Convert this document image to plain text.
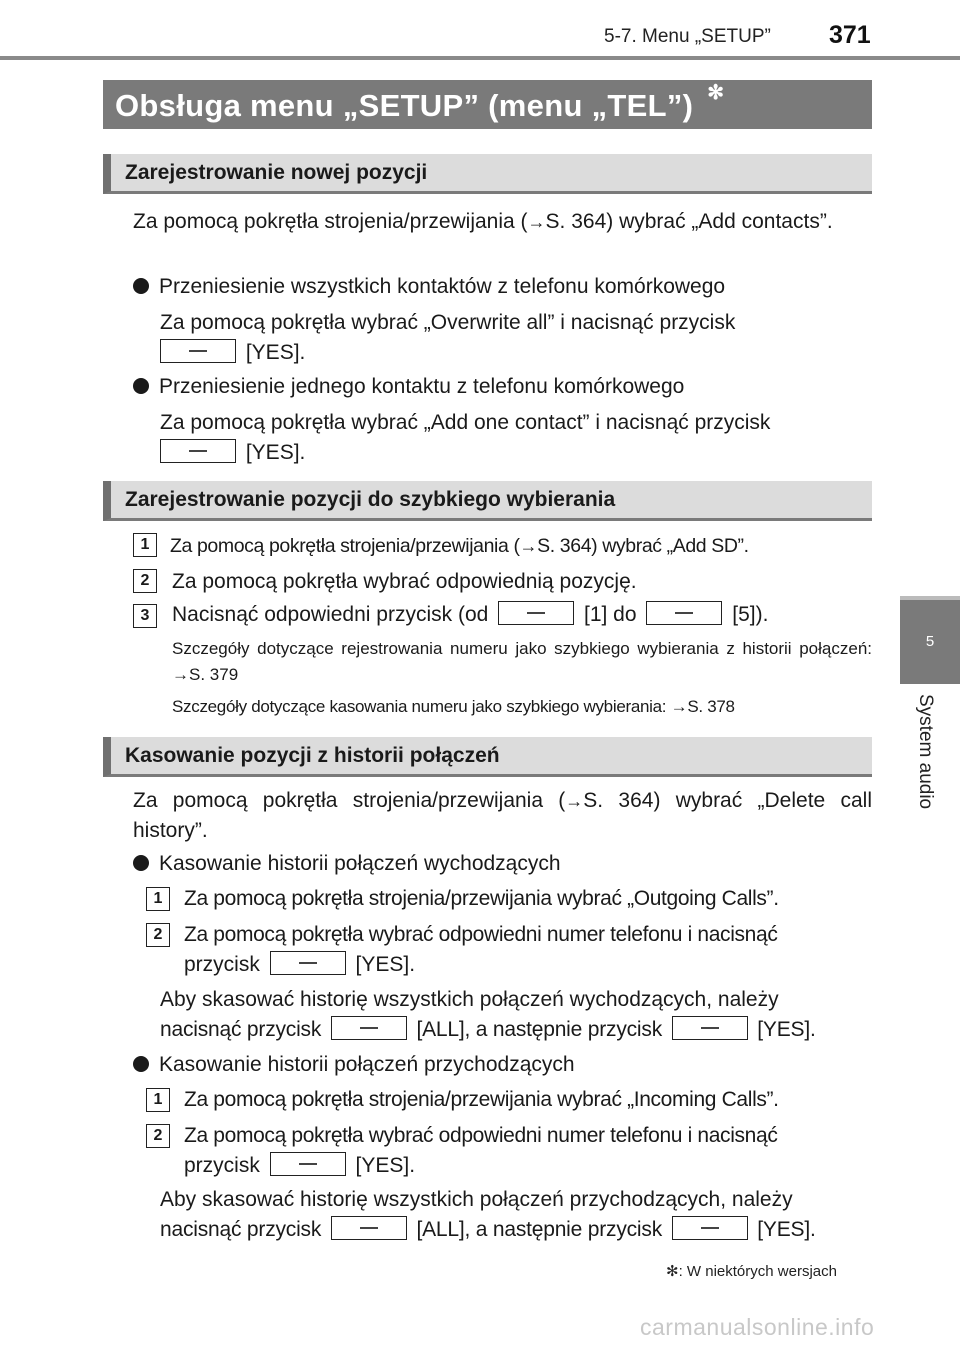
5-7. Menu „SETUP” 371
5
System audio
Obsługa menu „SETUP” (menu „TEL”) ✻
Zarejestrowanie nowej pozycji
Za pomocą pokrętła strojenia/przewijania (→S. 364) wybrać „Add contacts”.
Przeniesienie wszystkich kontaktów z telefonu komórkowego
Za pomocą pokrętła wybrać „Overwrite all” i nacisnąć przycisk
[YES].
Przeniesienie jednego kontaktu z telefonu komórkowego
Za pomocą pokrętła wybrać „Add one contact” i nacisnąć przycisk
[YES].
Zarejestrowanie pozycji do szybkiego wybierania
1	Za pomocą pokrętła strojenia/przewijania (→S. 364) wybrać „Add SD”.
2	Za pomocą pokrętła wybrać odpowiednią pozycję.
3	Nacisnąć odpowiedni przycisk (od	[1] do	[5]).
Szczegóły dotyczące rejestrowania numeru jako szybkiego wybierania z historii połączeń: →S. 379
Szczegóły dotyczące kasowania numeru jako szybkiego wybierania: →S. 378
Kasowanie pozycji z historii połączeń
Za pomocą pokrętła strojenia/przewijania (→S. 364) wybrać „Delete call history”.
Kasowanie historii połączeń wychodzących
1	Za pomocą pokrętła strojenia/przewijania wybrać „Outgoing Calls”.
2	Za pomocą pokrętła wybrać odpowiedni numer telefonu i nacisnąć
przycisk	[YES].
Aby skasować historię wszystkich połączeń wychodzących, należy
nacisnąć przycisk	[ALL], a następnie przycisk	[YES].
Kasowanie historii połączeń przychodzących
1	Za pomocą pokrętła strojenia/przewijania wybrać „Incoming Calls”.
2	Za pomocą pokrętła wybrać odpowiedni numer telefonu i nacisnąć
przycisk	[YES].
Aby skasować historię wszystkich połączeń przychodzących, należy
nacisnąć przycisk	[ALL], a następnie przycisk	[YES].
✻: W niektórych wersjach
carmanualsonline.info
